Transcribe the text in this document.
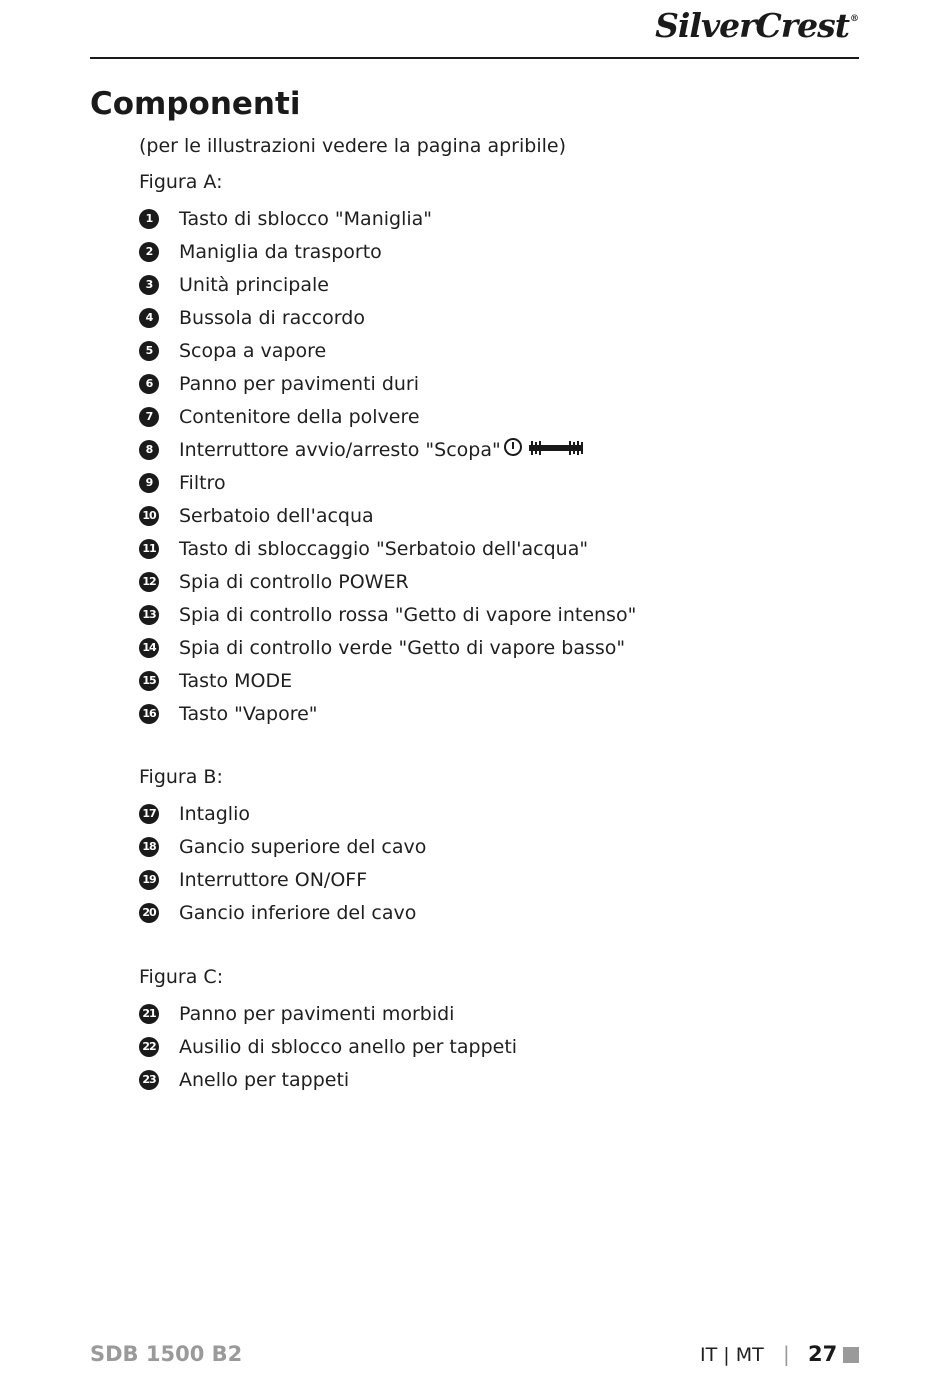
SilverCrest®
Componenti
(per le illustrazioni vedere la pagina apribile)
Figura A:
1	Tasto di sblocco "Maniglia"
2	Maniglia da trasporto
3	Unità principale
4	Bussola di raccordo
5	Scopa a vapore
6	Panno per pavimenti duri
7	Contenitore della polvere
8	Interruttore avvio/arresto "Scopa"
9	Filtro
10 Serbatoio dell'acqua
11 Tasto di sbloccaggio "Serbatoio dell'acqua"
12 Spia di controllo POWER
13 Spia di controllo rossa "Getto di vapore intenso"
14 Spia di controllo verde "Getto di vapore basso"
15 Tasto MODE
16 Tasto "Vapore"
Figura B:
17 Intaglio
18 Gancio superiore del cavo
19 Interruttore ON/OFF
20 Gancio inferiore del cavo
Figura C:
21 Panno per pavimenti morbidi
22 Ausilio di sblocco anello per tappeti
23 Anello per tappeti
SDB 1500 B2	IT | MT | 27
